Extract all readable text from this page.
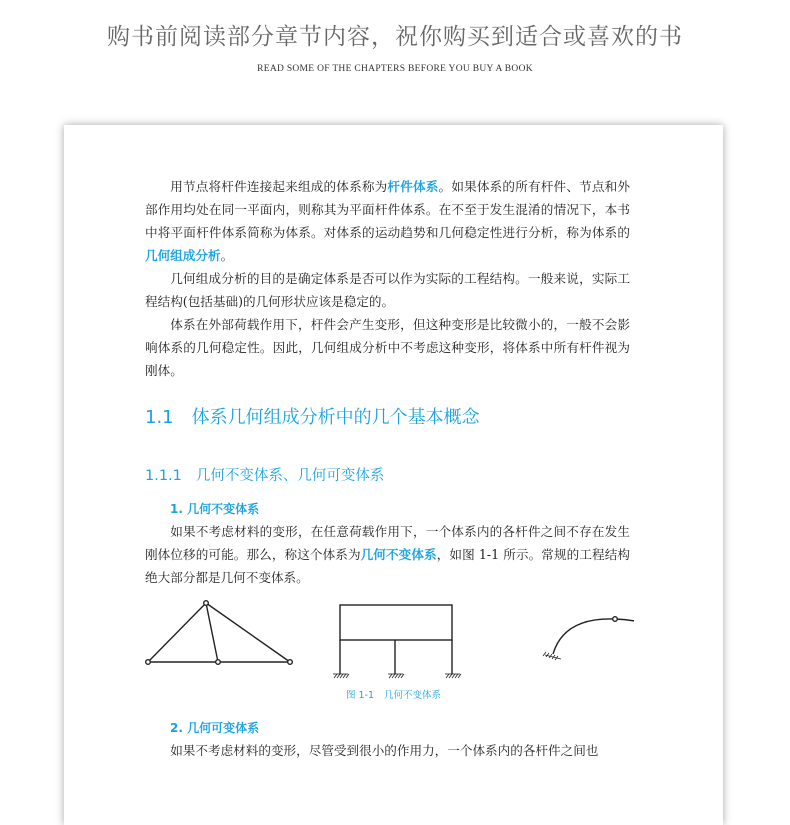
购书前阅读部分章节内容，祝你购买到适合或喜欢的书
READ SOME OF THE CHAPTERS BEFORE YOU BUY A BOOK

用节点将杆件连接起来组成的体系称为杆件体系。如果体系的所有杆件、节点和外部作用均处在同一平面内，则称其为平面杆件体系。在不至于发生混淆的情况下，本书中将平面杆件体系简称为体系。对体系的运动趋势和几何稳定性进行分析，称为体系的几何组成分析。

几何组成分析的目的是确定体系是否可以作为实际的工程结构。一般来说，实际工程结构(包括基础)的几何形状应该是稳定的。

体系在外部荷载作用下，杆件会产生变形，但这种变形是比较微小的，一般不会影响体系的几何稳定性。因此，几何组成分析中不考虑这种变形，将体系中所有杆件视为刚体。

1.1 体系几何组成分析中的几个基本概念
1.1.1 几何不变体系、几何可变体系
1. 几何不变体系

如果不考虑材料的变形，在任意荷载作用下，一个体系内的各杆件之间不存在发生刚体位移的可能。那么，称这个体系为几何不变体系，如图 1-1 所示。常规的工程结构绝大部分都是几何不变体系。

图 1-1 几何不变体系
2. 几何可变体系

如果不考虑材料的变形，尽管受到很小的作用力，一个体系内的各杆件之间也
